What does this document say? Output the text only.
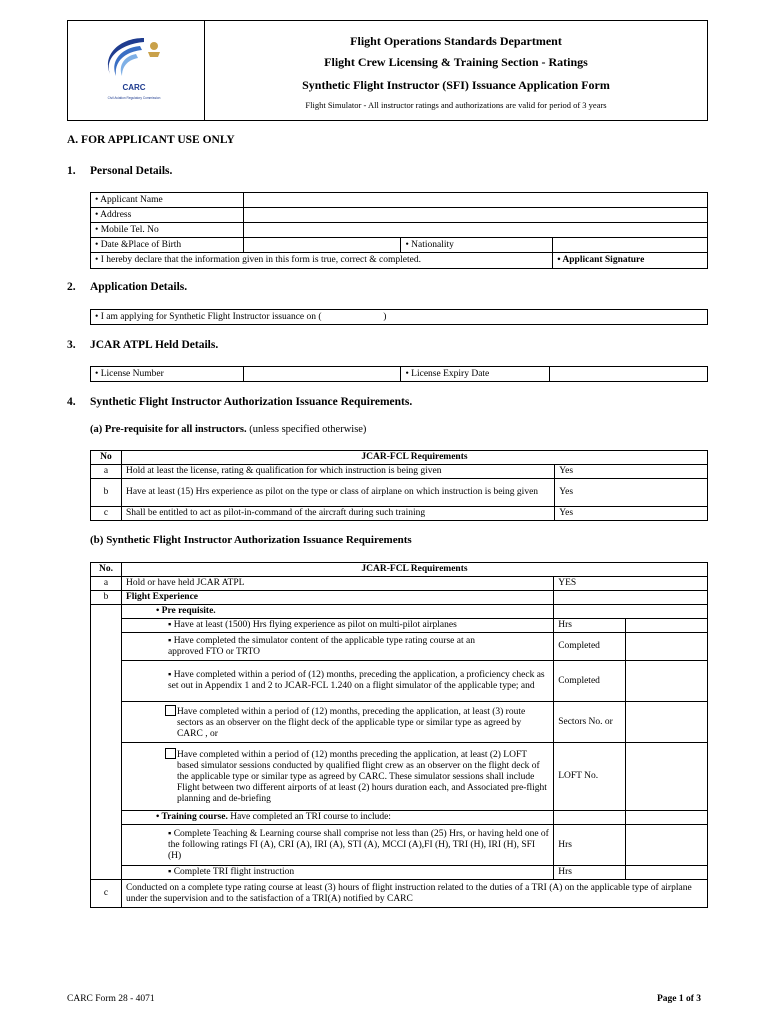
CARC
Civil Aviation Regulatory Commission
Flight Operations Standards Department
Flight Crew Licensing & Training Section - Ratings
Synthetic Flight Instructor (SFI) Issuance Application Form
Flight Simulator - All instructor ratings and authorizations are valid for period of 3 years
A. FOR APPLICANT USE ONLY
1. Personal Details.
• Applicant Name			
• Address			
• Mobile Tel. No			
• Date &Place of Birth		• Nationality	
• I hereby declare that the information given in this form is true, correct & completed.			• Applicant Signature
2. Application Details.
• I am applying for Synthetic Flight Instructor issuance on (                          )
3. JCAR ATPL Held Details.
• License Number		• License Expiry Date	
4. Synthetic Flight Instructor Authorization Issuance Requirements.
(a) Pre-requisite for all instructors. (unless specified otherwise)
No	JCAR-FCL Requirements	
a	Hold at least the license, rating & qualification for which instruction is being given	Yes
b	Have at least (15) Hrs experience as pilot on the type or class of airplane on which instruction is being given	Yes
c	Shall be entitled to act as pilot-in-command of the aircraft during such training	Yes
(b) Synthetic Flight Instructor Authorization Issuance Requirements
No.	JCAR-FCL Requirements		
a	Hold or have held JCAR ATPL	YES	
b	Flight Experience		
	• Pre requisite.		
	▪ Have at least (1500) Hrs flying experience as pilot on multi-pilot airplanes	Hrs	
	▪ Have completed the simulator content of the applicable type rating course at an approved FTO or TRTO	Completed	
	▪ Have completed within a period of (12) months, preceding the application, a proficiency check as set out in Appendix 1 and 2 to JCAR-FCL 1.240 on a flight simulator of the applicable type; and	Completed	
	Have completed within a period of (12) months, preceding the application, at least (3) route sectors as an observer on the flight deck of the applicable type or similar type as agreed by CARC , or	Sectors No. or	
	Have completed within a period of (12) months preceding the application, at least (2) LOFT based simulator sessions conducted by qualified flight crew as an observer on the flight deck of the applicable type or similar type as agreed by CARC. These simulator sessions shall include Flight between two different airports of at least (2) hours duration each, and Associated pre-flight planning and de-briefing	LOFT No.	
	• Training course. Have completed an TRI course to include:		
	▪ Complete Teaching & Learning course shall comprise not less than (25) Hrs, or having held one of the following ratings FI (A), CRI (A), IRI (A), STI (A), MCCI (A),FI (H), TRI (H), IRI (H), SFI (H)	Hrs	
	▪ Complete TRI flight instruction	Hrs	
c	Conducted on a complete type rating course at least (3) hours of flight instruction related to the duties of a TRI (A) on the applicable type of airplane under the supervision and to the satisfaction of a TRI(A) notified by CARC		
CARC Form 28 - 4071	Page 1 of 3
